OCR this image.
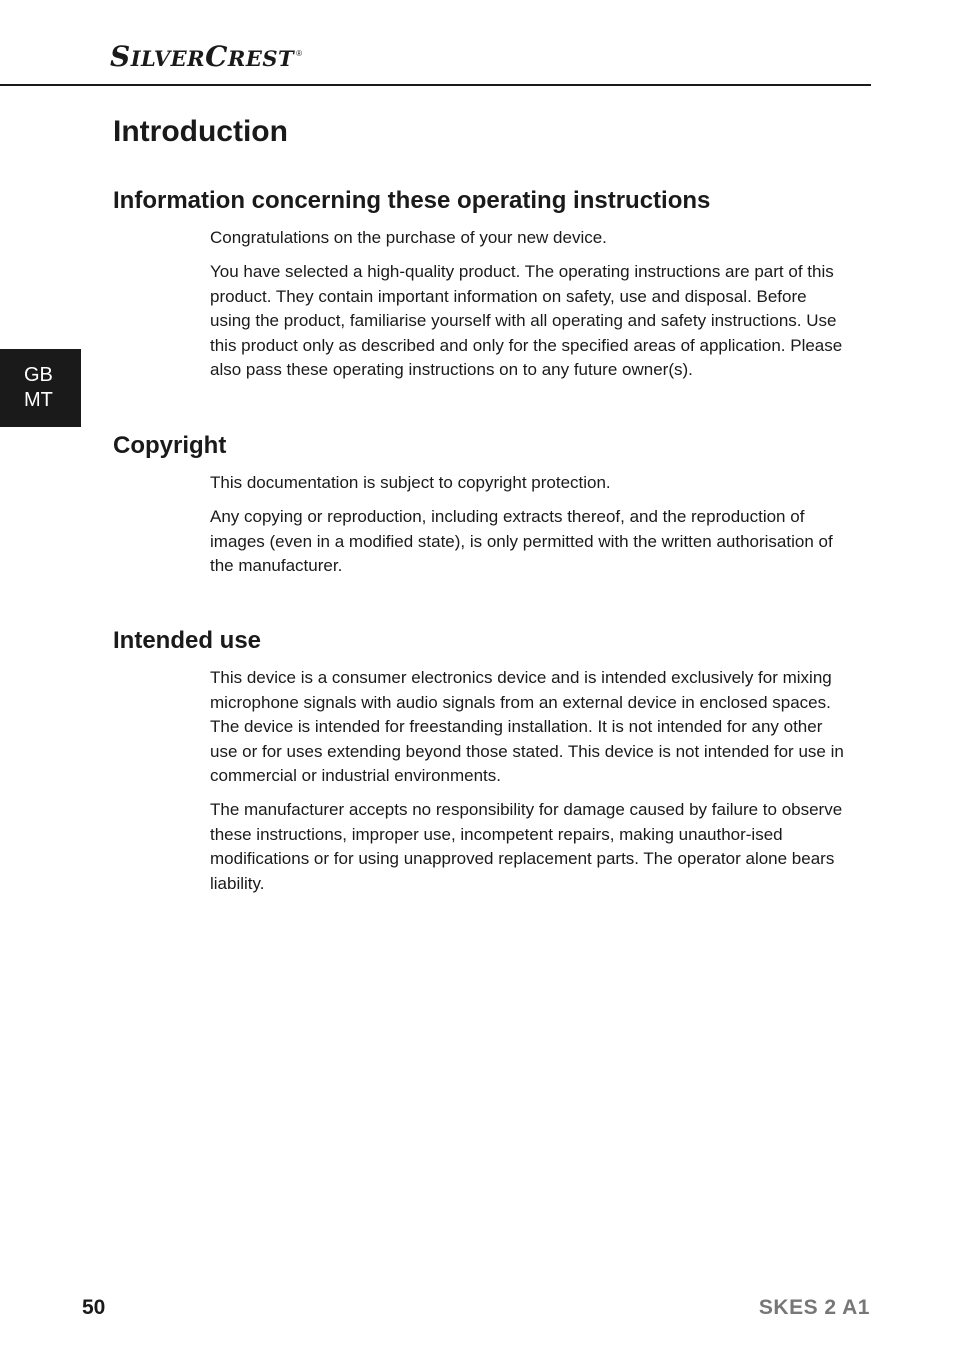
SILVERCREST ®
GB
MT
Introduction
Information concerning these operating instructions

Congratulations on the purchase of your new device.

You have selected a high-quality product. The operating instructions are part of this product. They contain important information on safety, use and disposal. Before using the product, familiarise yourself with all operating and safety instructions. Use this product only as described and only for the specified areas of application. Please also pass these operating instructions on to any future owner(s).

Copyright

This documentation is subject to copyright protection.

Any copying or reproduction, including extracts thereof, and the reproduction of images (even in a modified state), is only permitted with the written authorisation of the manufacturer.

Intended use

This device is a consumer electronics device and is intended exclusively for mixing microphone signals with audio signals from an external device in enclosed spaces. The device is intended for freestanding installation. It is not intended for any other use or for uses extending beyond those stated. This device is not intended for use in commercial or industrial environments.

The manufacturer accepts no responsibility for damage caused by failure to observe these instructions, improper use, incompetent repairs, making unauthor-ised modifications or for using unapproved replacement parts. The operator alone bears liability.

50	SKES 2 A1
